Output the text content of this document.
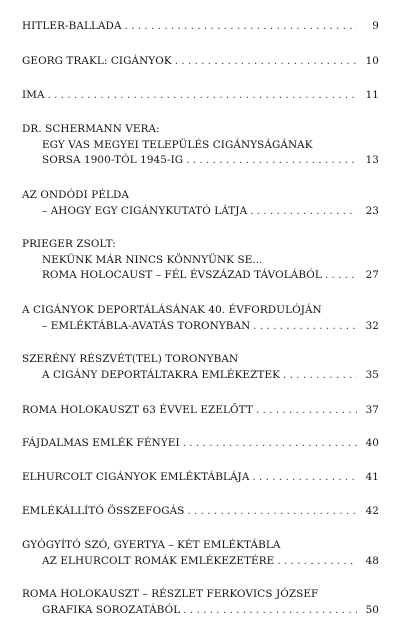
HITLER-BALLADA . . .	9
GEORG TRAKL: CIGÁNYOK . . .	10
IMA . . .	11
DR. SCHERMANN VERA:
EGY VAS MEGYEI TELEPÜLÉS CIGÁNYSÁGÁNAK
SORSA 1900-TÓL 1945-IG . . .	13
AZ ONDÓDI PÉLDA
– AHOGY EGY CIGÁNYKUTATÓ LÁTJA . . .	23
PRIEGER ZSOLT:
NEKÜNK MÁR NINCS KÖNNYÜNK SE...
ROMA HOLOCAUST – FÉL ÉVSZÁZAD TÁVOLÁBÓL . . .	27
A CIGÁNYOK DEPORTÁLÁSÁNAK 40. ÉVFORDULÓJÁN
– EMLÉKTÁBLA-AVATÁS TORONYBAN . . .	32
SZERÉNY RÉSZVÉT(TEL) TORONYBAN
A CIGÁNY DEPORTÁLTAKRA EMLÉKEZTEK . . .	35
ROMA HOLOKAUSZT 63 ÉVVEL EZELŐTT . . .	37
FÁJDALMAS EMLÉK FÉNYEI . . .	40
ELHURCOLT CIGÁNYOK EMLÉKTÁBLÁJA . . .	41
EMLÉKÁLLÍTÓ ÖSSZEFOGÁS . . .	42
GYÓGYÍTÓ SZÓ, GYERTYA – KÉT EMLÉKTÁBLA
AZ ELHURCOLT ROMÁK EMLÉKEZETÉRE . . .	48
ROMA HOLOKAUSZT – RÉSZLET FERKOVICS JÓZSEF
GRAFIKA SOROZATÁBÓL . . .	50
